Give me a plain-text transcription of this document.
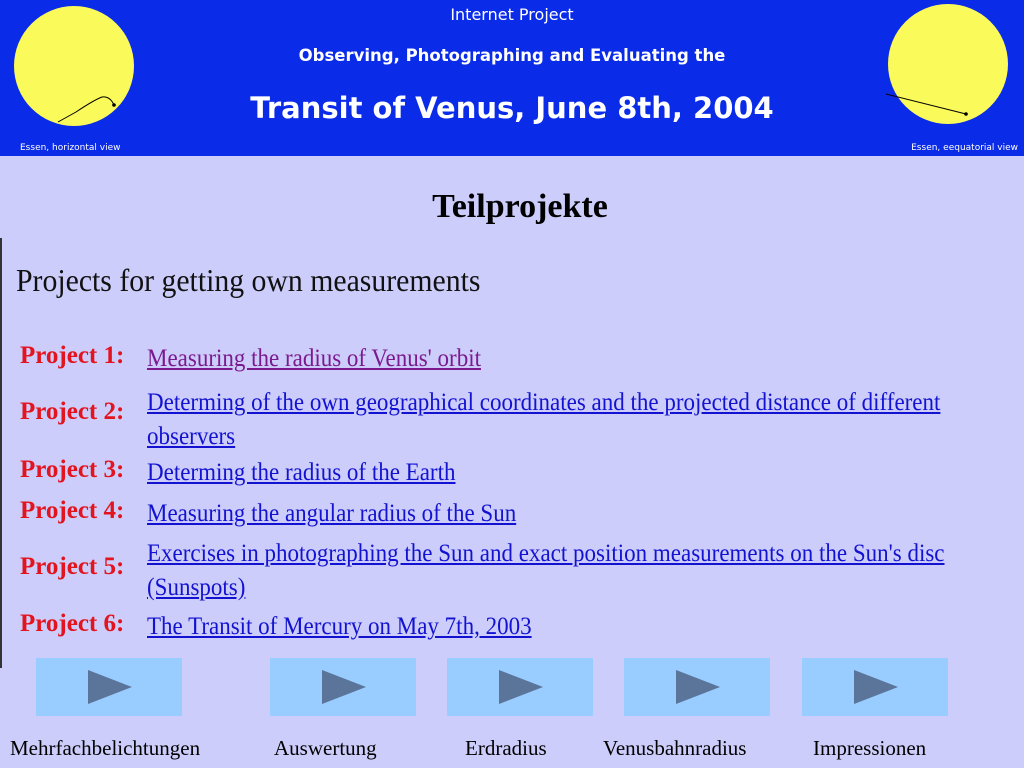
Essen, horizontal view
Internet Project
Observing, Photographing and Evaluating the
Transit of Venus, June 8th, 2004
Essen, eequatorial view
Teilprojekte
Projects for getting own measurements
Project 1: Measuring the radius of Venus' orbit
Project 2: Determing of the own geographical coordinates and the projected distance of different observers
Project 3: Determing the radius of the Earth
Project 4: Measuring the angular radius of the Sun
Project 5: Exercises in photographing the Sun and exact position measurements on the Sun's disc (Sunspots)
Project 6: The Transit of Mercury on May 7th, 2003
Mehrfachbelichtungen	Auswertung	Erdradius	Venusbahnradius	Impressionen
